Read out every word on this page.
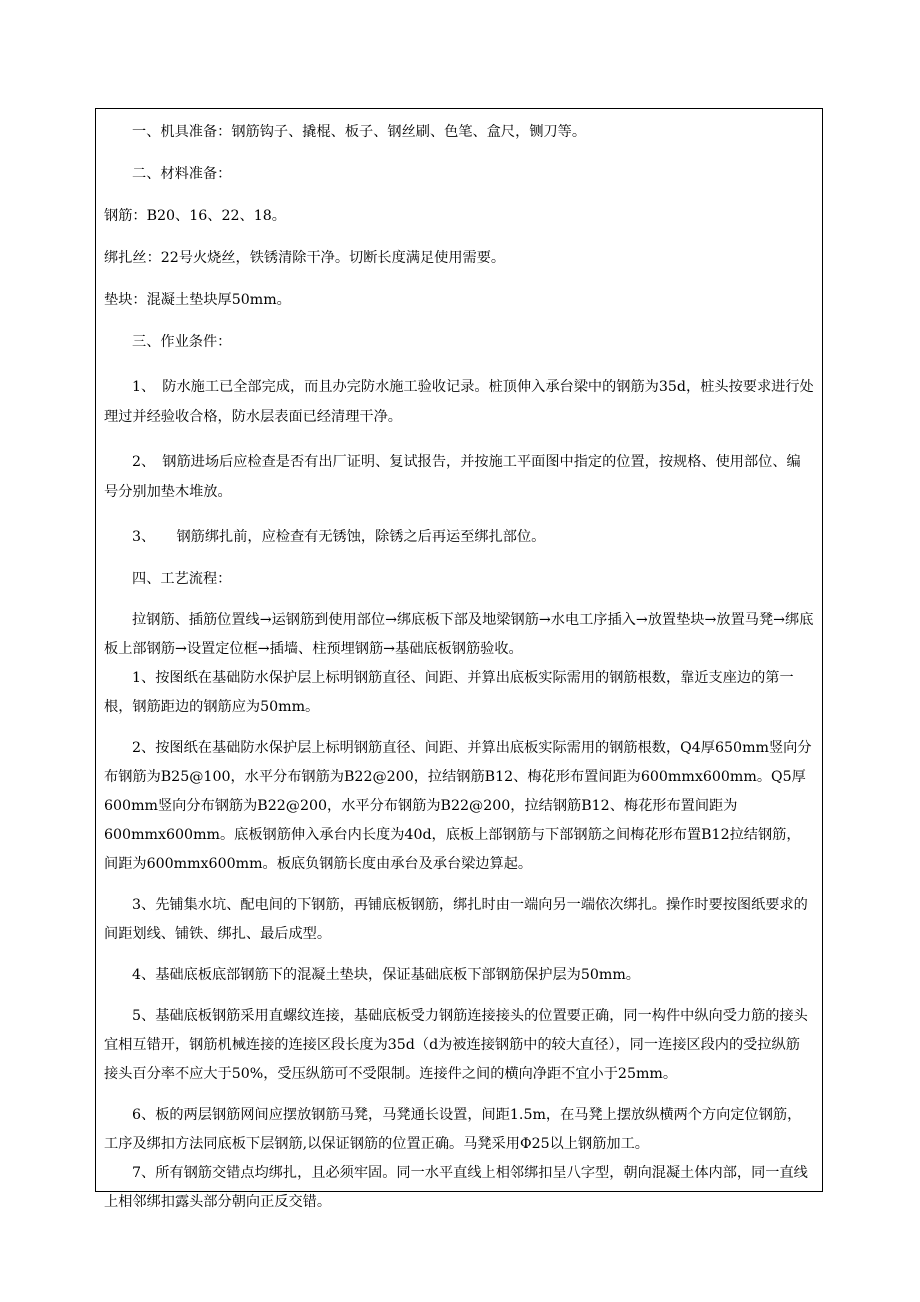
一、机具准备：钢筋钩子、撬棍、板子、钢丝刷、色笔、盒尺，铡刀等。

二、材料准备：

钢筋：B20、16、22、18。

绑扎丝：22号火烧丝，铁锈清除干净。切断长度满足使用需要。

垫块：混凝土垫块厚50mm。

三、作业条件：

1、　防水施工已全部完成，而且办完防水施工验收记录。桩顶伸入承台梁中的钢筋为35d，桩头按要求进行处理过并经验收合格，防水层表面已经清理干净。

2、　钢筋进场后应检查是否有出厂证明、复试报告，并按施工平面图中指定的位置，按规格、使用部位、编号分别加垫木堆放。

3、　　钢筋绑扎前，应检查有无锈蚀，除锈之后再运至绑扎部位。

四、工艺流程：

拉钢筋、插筋位置线→运钢筋到使用部位→绑底板下部及地梁钢筋→水电工序插入→放置垫块→放置马凳→绑底板上部钢筋→设置定位框→插墙、柱预埋钢筋→基础底板钢筋验收。

1、按图纸在基础防水保护层上标明钢筋直径、间距、并算出底板实际需用的钢筋根数，靠近支座边的第一根，钢筋距边的钢筋应为50mm。

2、按图纸在基础防水保护层上标明钢筋直径、间距、并算出底板实际需用的钢筋根数，Q4厚650mm竖向分布钢筋为B25@100，水平分布钢筋为B22@200，拉结钢筋B12、梅花形布置间距为600mmx600mm。Q5厚600mm竖向分布钢筋为B22@200，水平分布钢筋为B22@200，拉结钢筋B12、梅花形布置间距为600mmx600mm。底板钢筋伸入承台内长度为40d，底板上部钢筋与下部钢筋之间梅花形布置B12拉结钢筋，间距为600mmx600mm。板底负钢筋长度由承台及承台梁边算起。

3、先铺集水坑、配电间的下钢筋，再铺底板钢筋，绑扎时由一端向另一端依次绑扎。操作时要按图纸要求的间距划线、铺铁、绑扎、最后成型。

4、基础底板底部钢筋下的混凝土垫块，保证基础底板下部钢筋保护层为50mm。

5、基础底板钢筋采用直螺纹连接，基础底板受力钢筋连接接头的位置要正确，同一构件中纵向受力筋的接头宜相互错开，钢筋机械连接的连接区段长度为35d（d为被连接钢筋中的较大直径），同一连接区段内的受拉纵筋接头百分率不应大于50%，受压纵筋可不受限制。连接件之间的横向净距不宜小于25mm。

6、板的两层钢筋网间应摆放钢筋马凳，马凳通长设置，间距1.5m，在马凳上摆放纵横两个方向定位钢筋，工序及绑扣方法同底板下层钢筋,以保证钢筋的位置正确。马凳采用Φ25以上钢筋加工。

7、所有钢筋交错点均绑扎，且必须牢固。同一水平直线上相邻绑扣呈八字型，朝向混凝土体内部，同一直线上相邻绑扣露头部分朝向正反交错。
